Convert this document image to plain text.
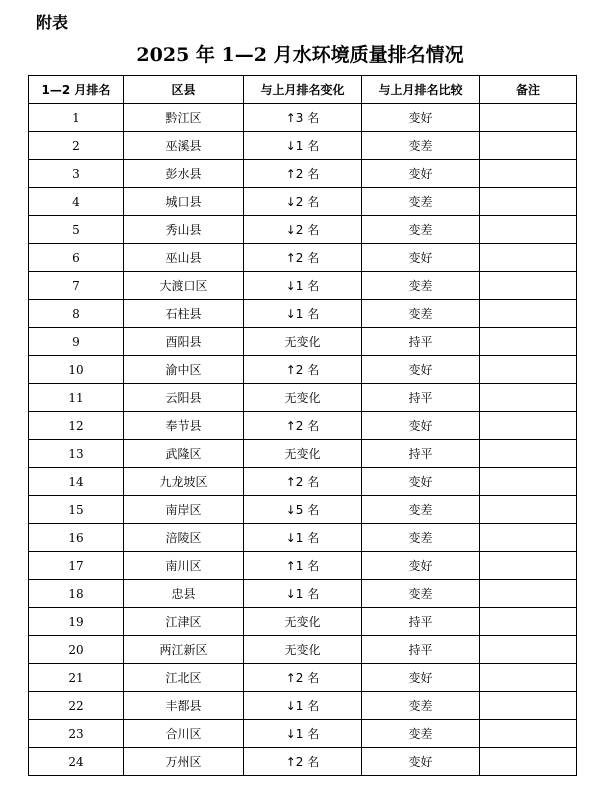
附表
2025 年 1—2 月水环境质量排名情况
1—2 月排名	区县	与上月排名变化	与上月排名比较	备注
1	黔江区	↑3 名	变好	
2	巫溪县	↓1 名	变差	
3	彭水县	↑2 名	变好	
4	城口县	↓2 名	变差	
5	秀山县	↓2 名	变差	
6	巫山县	↑2 名	变好	
7	大渡口区	↓1 名	变差	
8	石柱县	↓1 名	变差	
9	酉阳县	无变化	持平	
10	渝中区	↑2 名	变好	
11	云阳县	无变化	持平	
12	奉节县	↑2 名	变好	
13	武隆区	无变化	持平	
14	九龙坡区	↑2 名	变好	
15	南岸区	↓5 名	变差	
16	涪陵区	↓1 名	变差	
17	南川区	↑1 名	变好	
18	忠县	↓1 名	变差	
19	江津区	无变化	持平	
20	两江新区	无变化	持平	
21	江北区	↑2 名	变好	
22	丰都县	↓1 名	变差	
23	合川区	↓1 名	变差	
24	万州区	↑2 名	变好	
